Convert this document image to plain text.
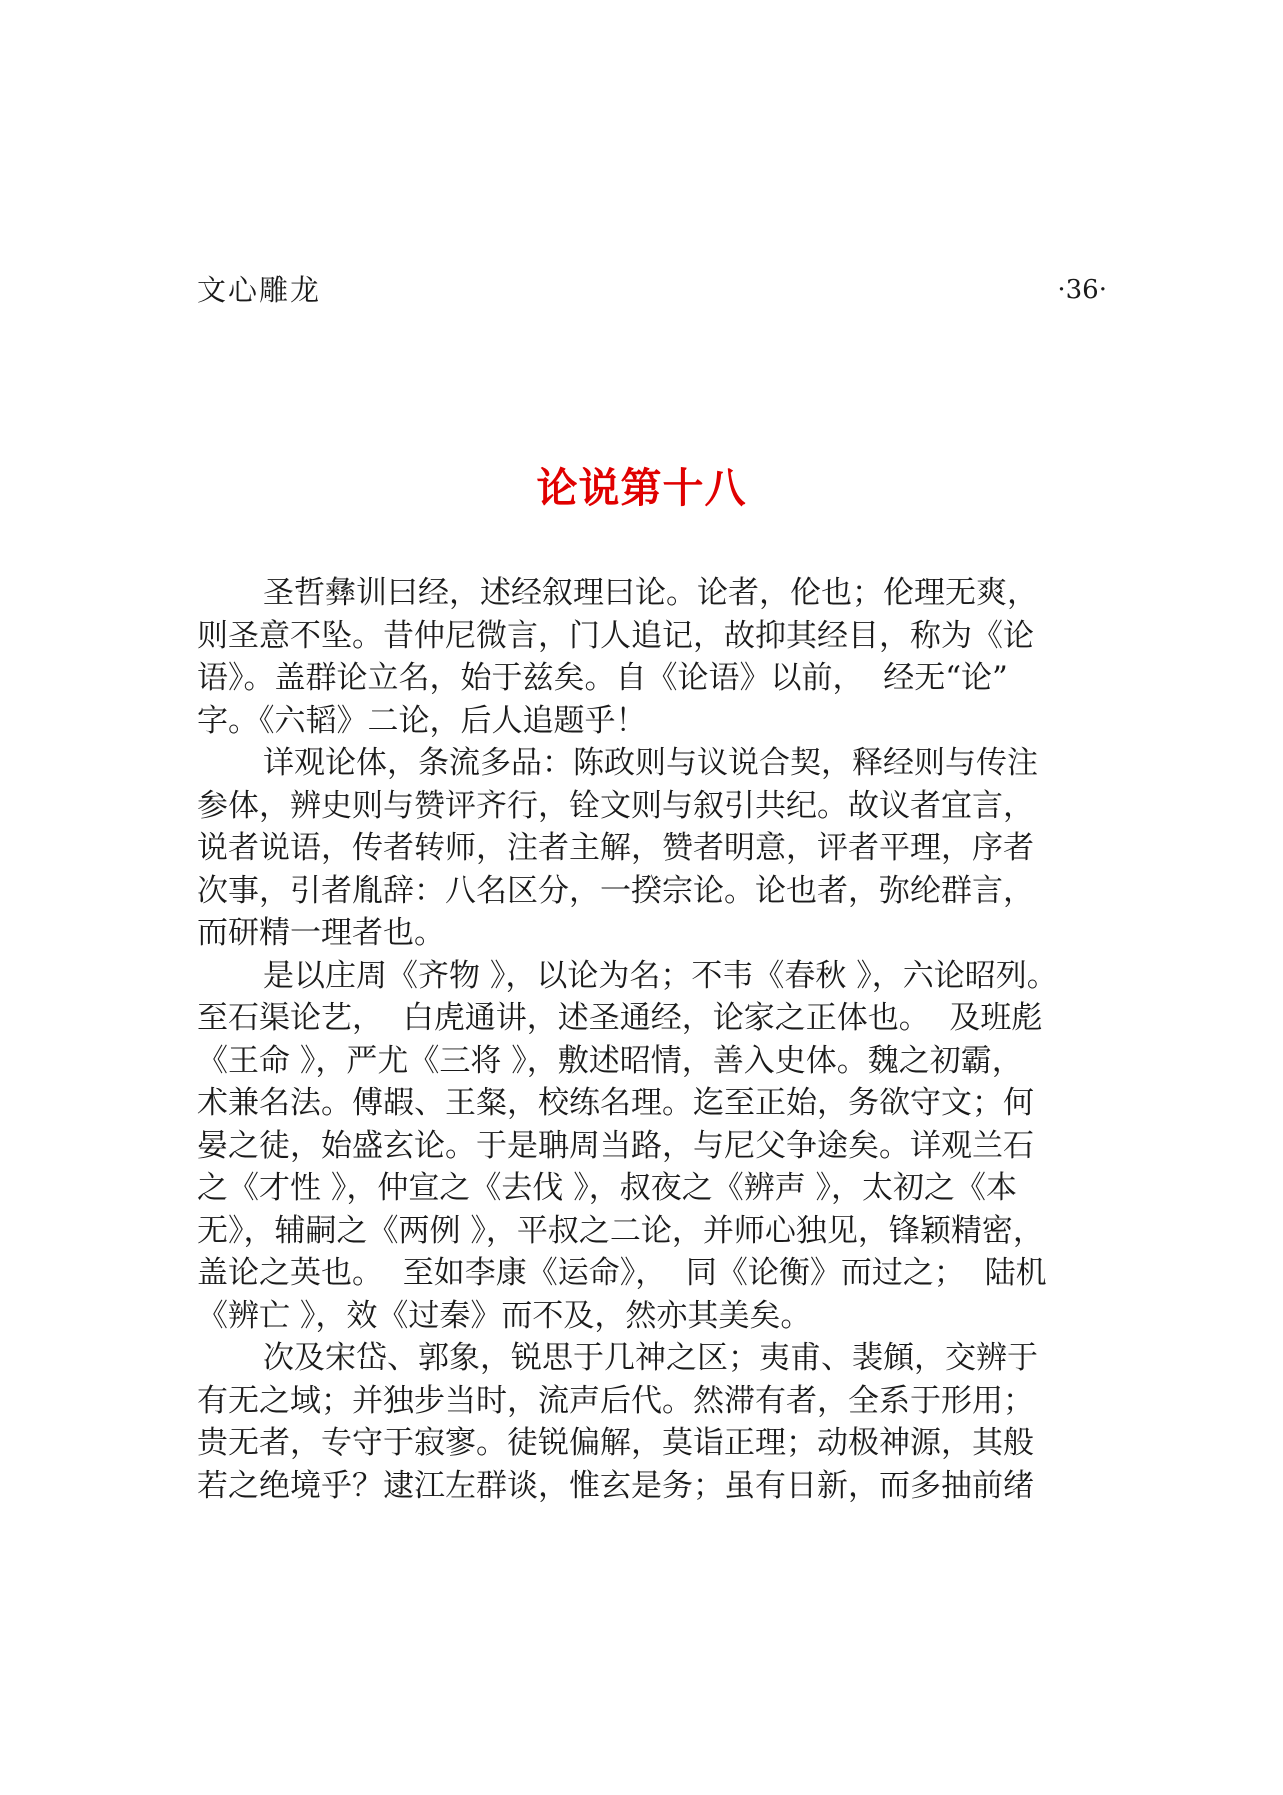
文心雕龙	·36·
论说第十八
圣哲彝训曰经，述经叙理曰论。论者，伦也；伦理无爽，
则圣意不坠。昔仲尼微言，门人追记，故抑其经目，称为《论
语》。盖群论立名，始于兹矣。自《论语》以前，  经无“论”
字。《六韬》二论，后人追题乎！
详观论体，条流多品：陈政则与议说合契，释经则与传注
参体，辨史则与赞评齐行，铨文则与叙引共纪。故议者宜言，
说者说语，传者转师，注者主解，赞者明意，评者平理，序者
次事，引者胤辞：八名区分，一揆宗论。论也者，弥纶群言，
而研精一理者也。
是以庄周《齐物 》，以论为名；不韦《春秋 》，六论昭列。
至石渠论艺，  白虎通讲，述圣通经，论家之正体也。  及班彪
《王命 》，严尤《三将 》，敷述昭情，善入史体。魏之初霸，
术兼名法。傅嘏、王粲，校练名理。迄至正始，务欲守文；何
晏之徒，始盛玄论。于是聃周当路，与尼父争途矣。详观兰石
之《才性 》，仲宣之《去伐 》，叔夜之《辨声 》，太初之《本
无》，辅嗣之《两例 》，平叔之二论，并师心独见，锋颖精密，
盖论之英也。  至如李康《运命》，  同《论衡》而过之；  陆机
《辨亡 》，效《过秦》而不及，然亦其美矣。
次及宋岱、郭象，锐思于几神之区；夷甫、裴頠，交辨于
有无之域；并独步当时，流声后代。然滞有者，全系于形用；
贵无者，专守于寂寥。徒锐偏解，莫诣正理；动极神源，其般
若之绝境乎？逮江左群谈，惟玄是务；虽有日新，而多抽前绪
